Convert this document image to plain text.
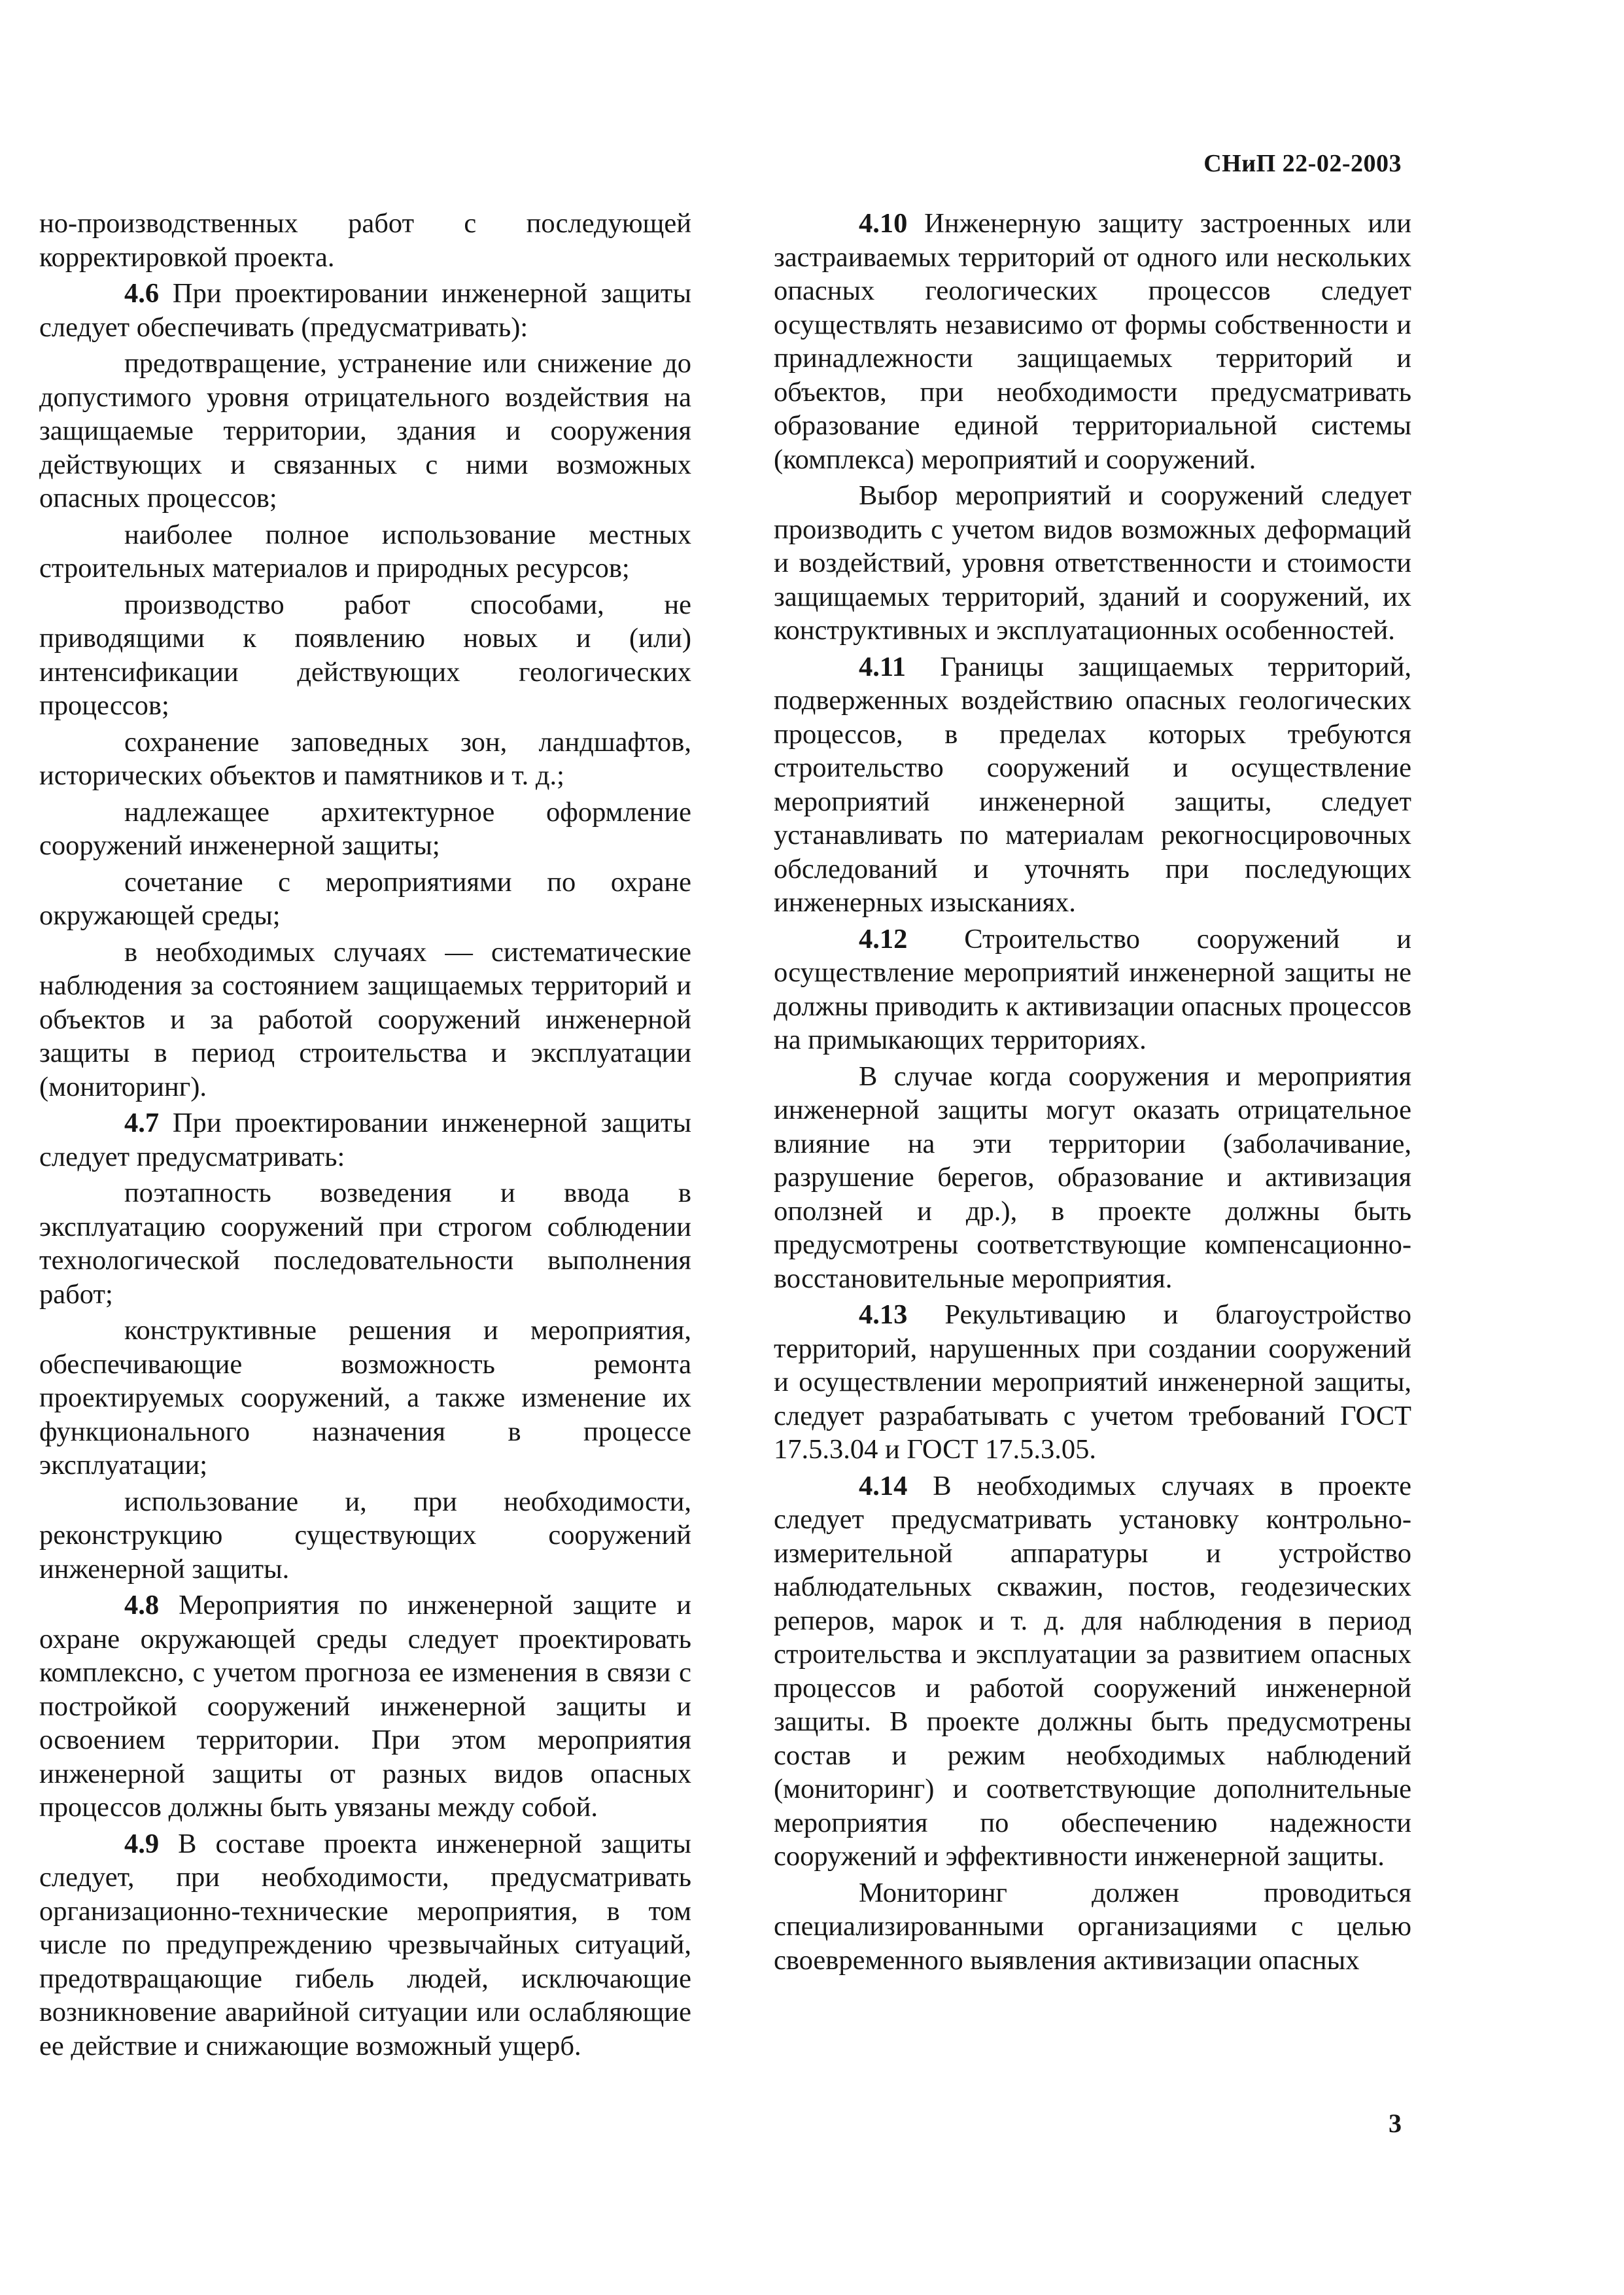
СНиП 22-02-2003

но-производственных работ с последующей корректировкой проекта.

4.6 При проектировании инженерной защиты следует обеспечивать (предусматривать):

предотвращение, устранение или снижение до допустимого уровня отрицательного воздействия на защищаемые территории, здания и сооружения действующих и связанных с ними возможных опасных процессов;

наиболее полное использование местных строительных материалов и природных ресурсов;

производство работ способами, не приводящими к появлению новых и (или) интенсификации действующих геологических процессов;

сохранение заповедных зон, ландшафтов, исторических объектов и памятников и т. д.;

надлежащее архитектурное оформление сооружений инженерной защиты;

сочетание с мероприятиями по охране окружающей среды;

в необходимых случаях — систематические наблюдения за состоянием защищаемых территорий и объектов и за работой сооружений инженерной защиты в период строительства и эксплуатации (мониторинг).

4.7 При проектировании инженерной защиты следует предусматривать:

поэтапность возведения и ввода в эксплуатацию сооружений при строгом соблюдении технологической последовательности выполнения работ;

конструктивные решения и мероприятия, обеспечивающие возможность ремонта проектируемых сооружений, а также изменение их функционального назначения в процессе эксплуатации;

использование и, при необходимости, реконструкцию существующих сооружений инженерной защиты.

4.8 Мероприятия по инженерной защите и охране окружающей среды следует проектировать комплексно, с учетом прогноза ее изменения в связи с постройкой сооружений инженерной защиты и освоением территории. При этом мероприятия инженерной защиты от разных видов опасных процессов должны быть увязаны между собой.

4.9 В составе проекта инженерной защиты следует, при необходимости, предусматривать организационно-технические мероприятия, в том числе по предупреждению чрезвычайных ситуаций, предотвращающие гибель людей, исключающие возникновение аварийной ситуации или ослабляющие ее действие и снижающие возможный ущерб.

4.10 Инженерную защиту застроенных или застраиваемых территорий от одного или нескольких опасных геологических процессов следует осуществлять независимо от формы собственности и принадлежности защищаемых территорий и объектов, при необходимости предусматривать образование единой территориальной системы (комплекса) мероприятий и сооружений.

Выбор мероприятий и сооружений следует производить с учетом видов возможных деформаций и воздействий, уровня ответственности и стоимости защищаемых территорий, зданий и сооружений, их конструктивных и эксплуатационных особенностей.

4.11 Границы защищаемых территорий, подверженных воздействию опасных геологических процессов, в пределах которых требуются строительство сооружений и осуществление мероприятий инженерной защиты, следует устанавливать по материалам рекогносцировочных обследований и уточнять при последующих инженерных изысканиях.

4.12 Строительство сооружений и осуществление мероприятий инженерной защиты не должны приводить к активизации опасных процессов на примыкающих территориях.

В случае когда сооружения и мероприятия инженерной защиты могут оказать отрицательное влияние на эти территории (заболачивание, разрушение берегов, образование и активизация оползней и др.), в проекте должны быть предусмотрены соответствующие компенсационно-восстановительные мероприятия.

4.13 Рекультивацию и благоустройство территорий, нарушенных при создании сооружений и осуществлении мероприятий инженерной защиты, следует разрабатывать с учетом требований ГОСТ 17.5.3.04 и ГОСТ 17.5.3.05.

4.14 В необходимых случаях в проекте следует предусматривать установку контрольно-измерительной аппаратуры и устройство наблюдательных скважин, постов, геодезических реперов, марок и т. д. для наблюдения в период строительства и эксплуатации за развитием опасных процессов и работой сооружений инженерной защиты. В проекте должны быть предусмотрены состав и режим необходимых наблюдений (мониторинг) и соответствующие дополнительные мероприятия по обеспечению надежности сооружений и эффективности инженерной защиты.

Мониторинг должен проводиться специализированными организациями с целью своевременного выявления активизации опасных

3
